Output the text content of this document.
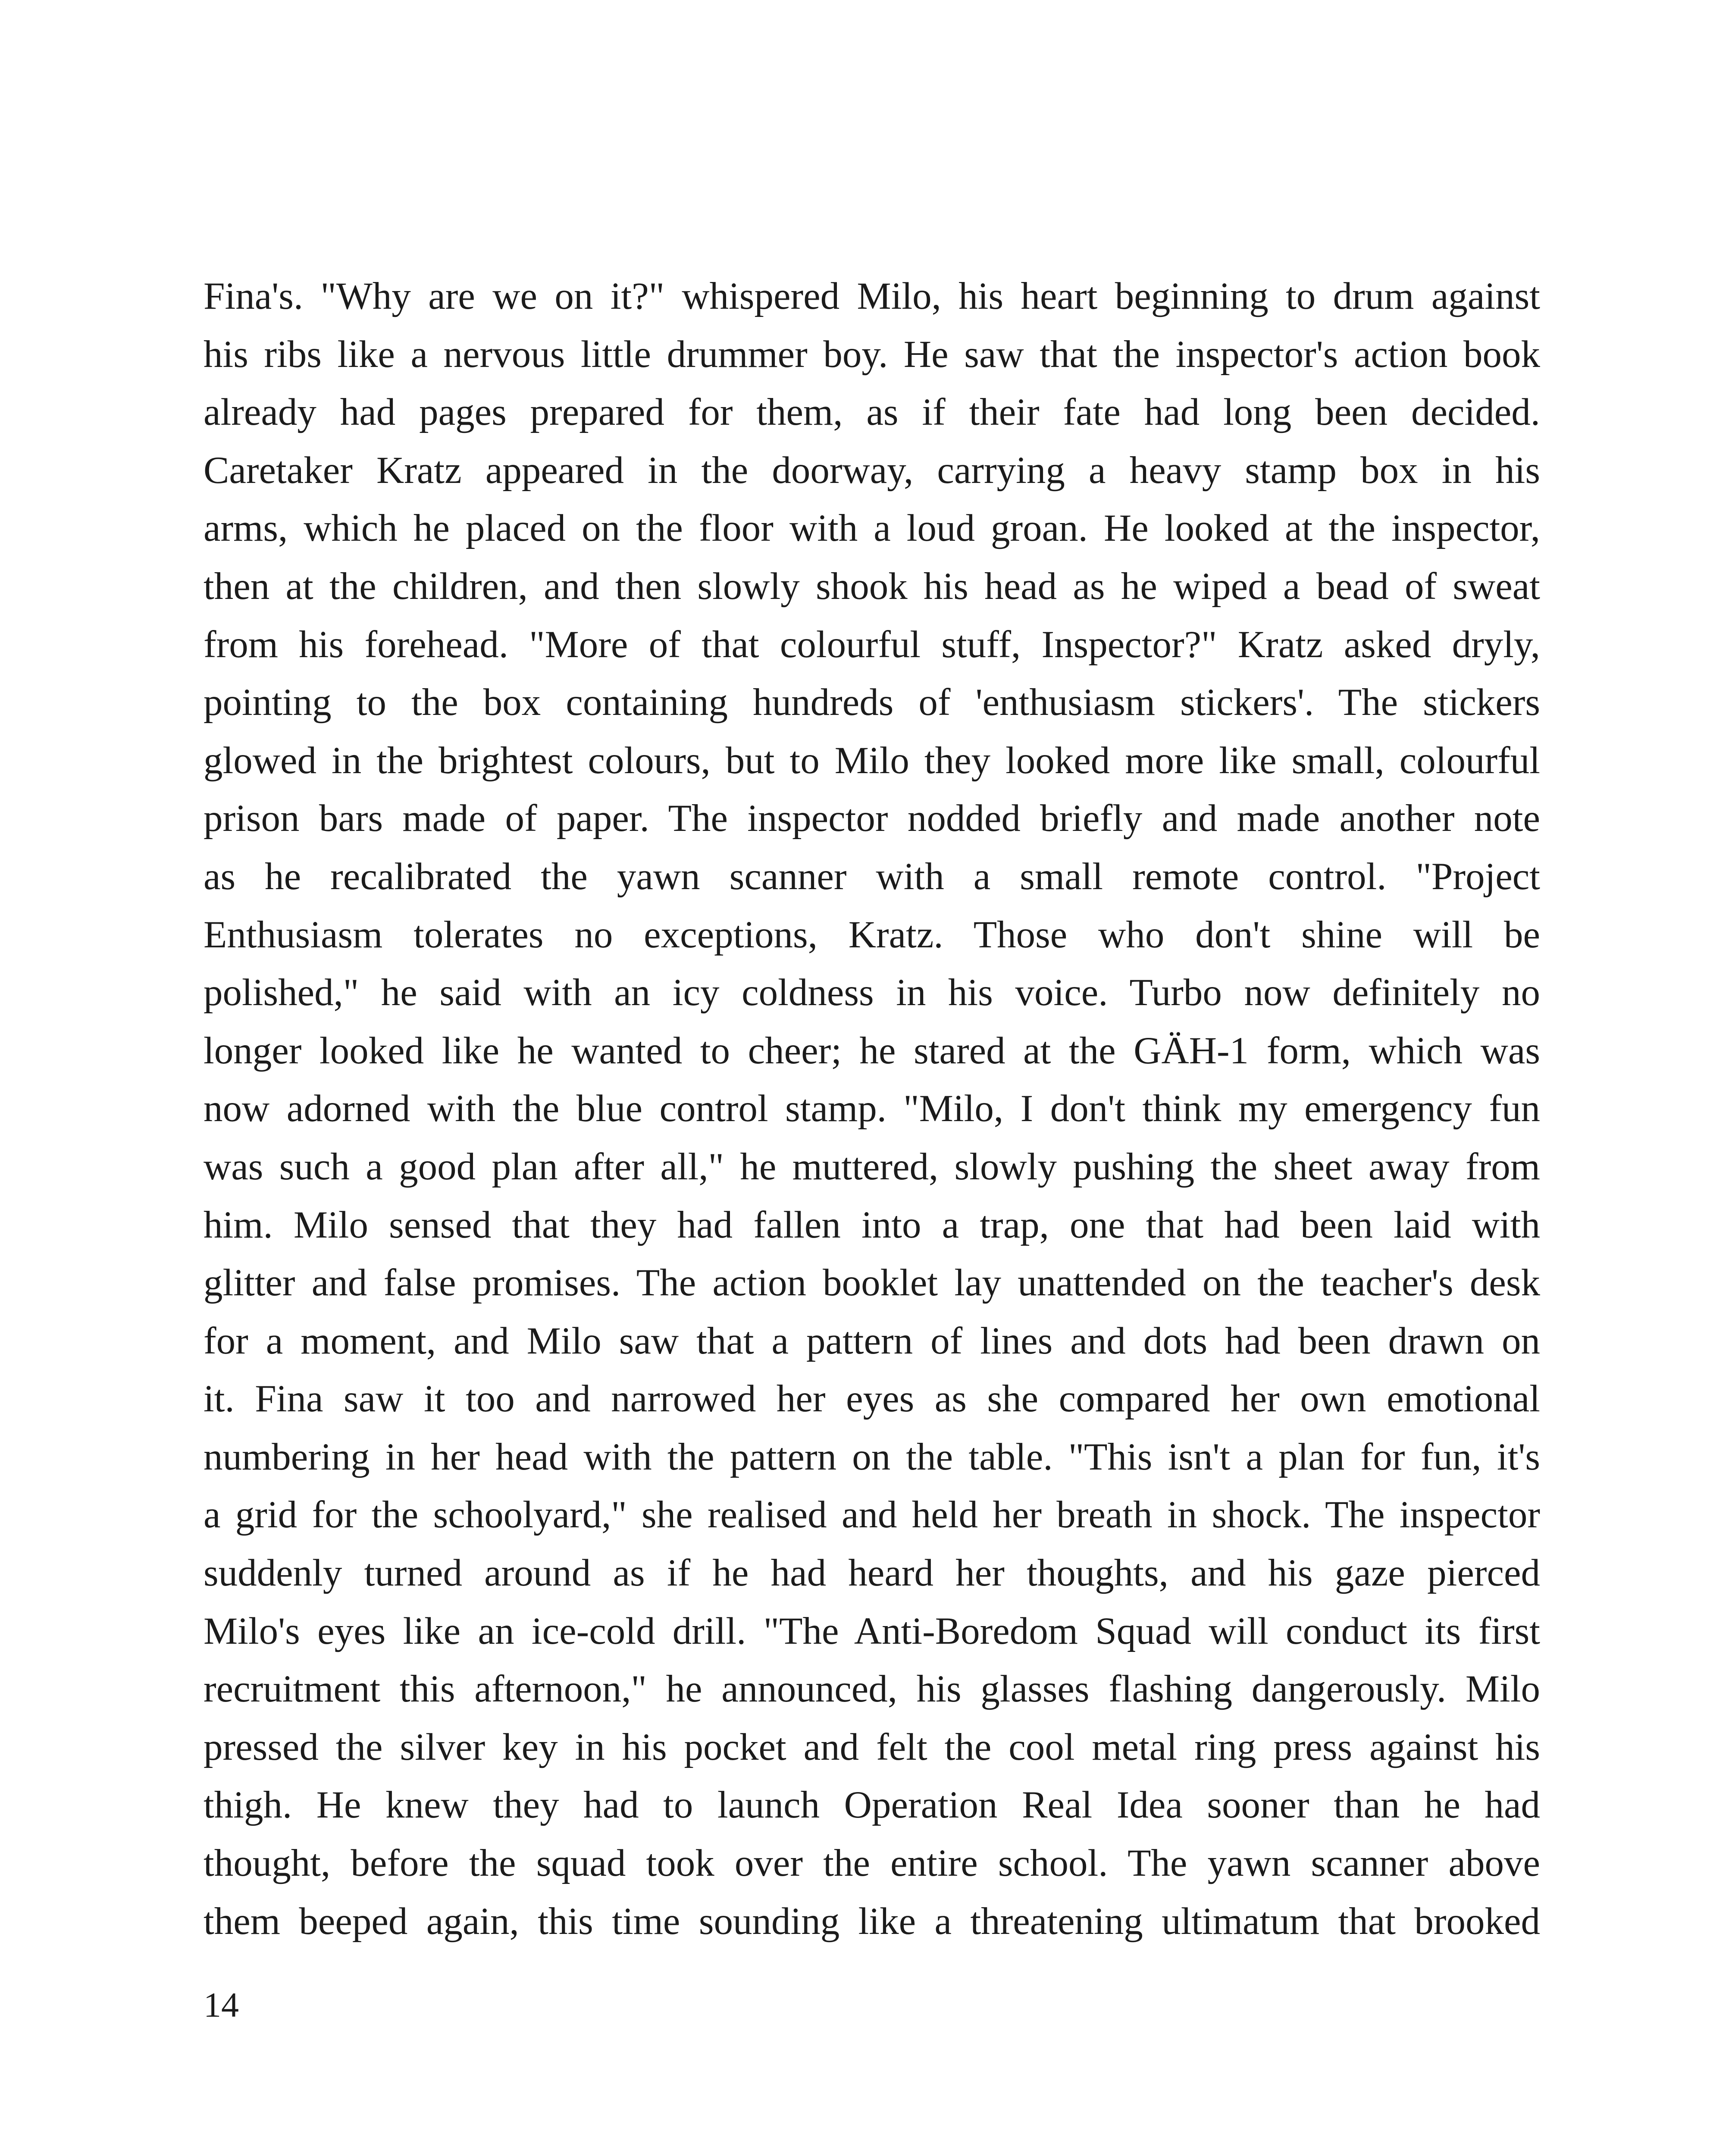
Fina's. "Why are we on it?" whispered Milo, his heart beginning to drum against
his ribs like a nervous little drummer boy. He saw that the inspector's action book
already had pages prepared for them, as if their fate had long been decided.
Caretaker Kratz appeared in the doorway, carrying a heavy stamp box in his
arms, which he placed on the floor with a loud groan. He looked at the inspector,
then at the children, and then slowly shook his head as he wiped a bead of sweat
from his forehead. "More of that colourful stuff, Inspector?" Kratz asked dryly,
pointing to the box containing hundreds of 'enthusiasm stickers'. The stickers
glowed in the brightest colours, but to Milo they looked more like small, colourful
prison bars made of paper. The inspector nodded briefly and made another note
as he recalibrated the yawn scanner with a small remote control. "Project
Enthusiasm tolerates no exceptions, Kratz. Those who don't shine will be
polished," he said with an icy coldness in his voice. Turbo now definitely no
longer looked like he wanted to cheer; he stared at the GÄH-1 form, which was
now adorned with the blue control stamp. "Milo, I don't think my emergency fun
was such a good plan after all," he muttered, slowly pushing the sheet away from
him. Milo sensed that they had fallen into a trap, one that had been laid with
glitter and false promises. The action booklet lay unattended on the teacher's desk
for a moment, and Milo saw that a pattern of lines and dots had been drawn on
it. Fina saw it too and narrowed her eyes as she compared her own emotional
numbering in her head with the pattern on the table. "This isn't a plan for fun, it's
a grid for the schoolyard," she realised and held her breath in shock. The inspector
suddenly turned around as if he had heard her thoughts, and his gaze pierced
Milo's eyes like an ice-cold drill. "The Anti-Boredom Squad will conduct its first
recruitment this afternoon," he announced, his glasses flashing dangerously. Milo
pressed the silver key in his pocket and felt the cool metal ring press against his
thigh. He knew they had to launch Operation Real Idea sooner than he had
thought, before the squad took over the entire school. The yawn scanner above
them beeped again, this time sounding like a threatening ultimatum that brooked
14
